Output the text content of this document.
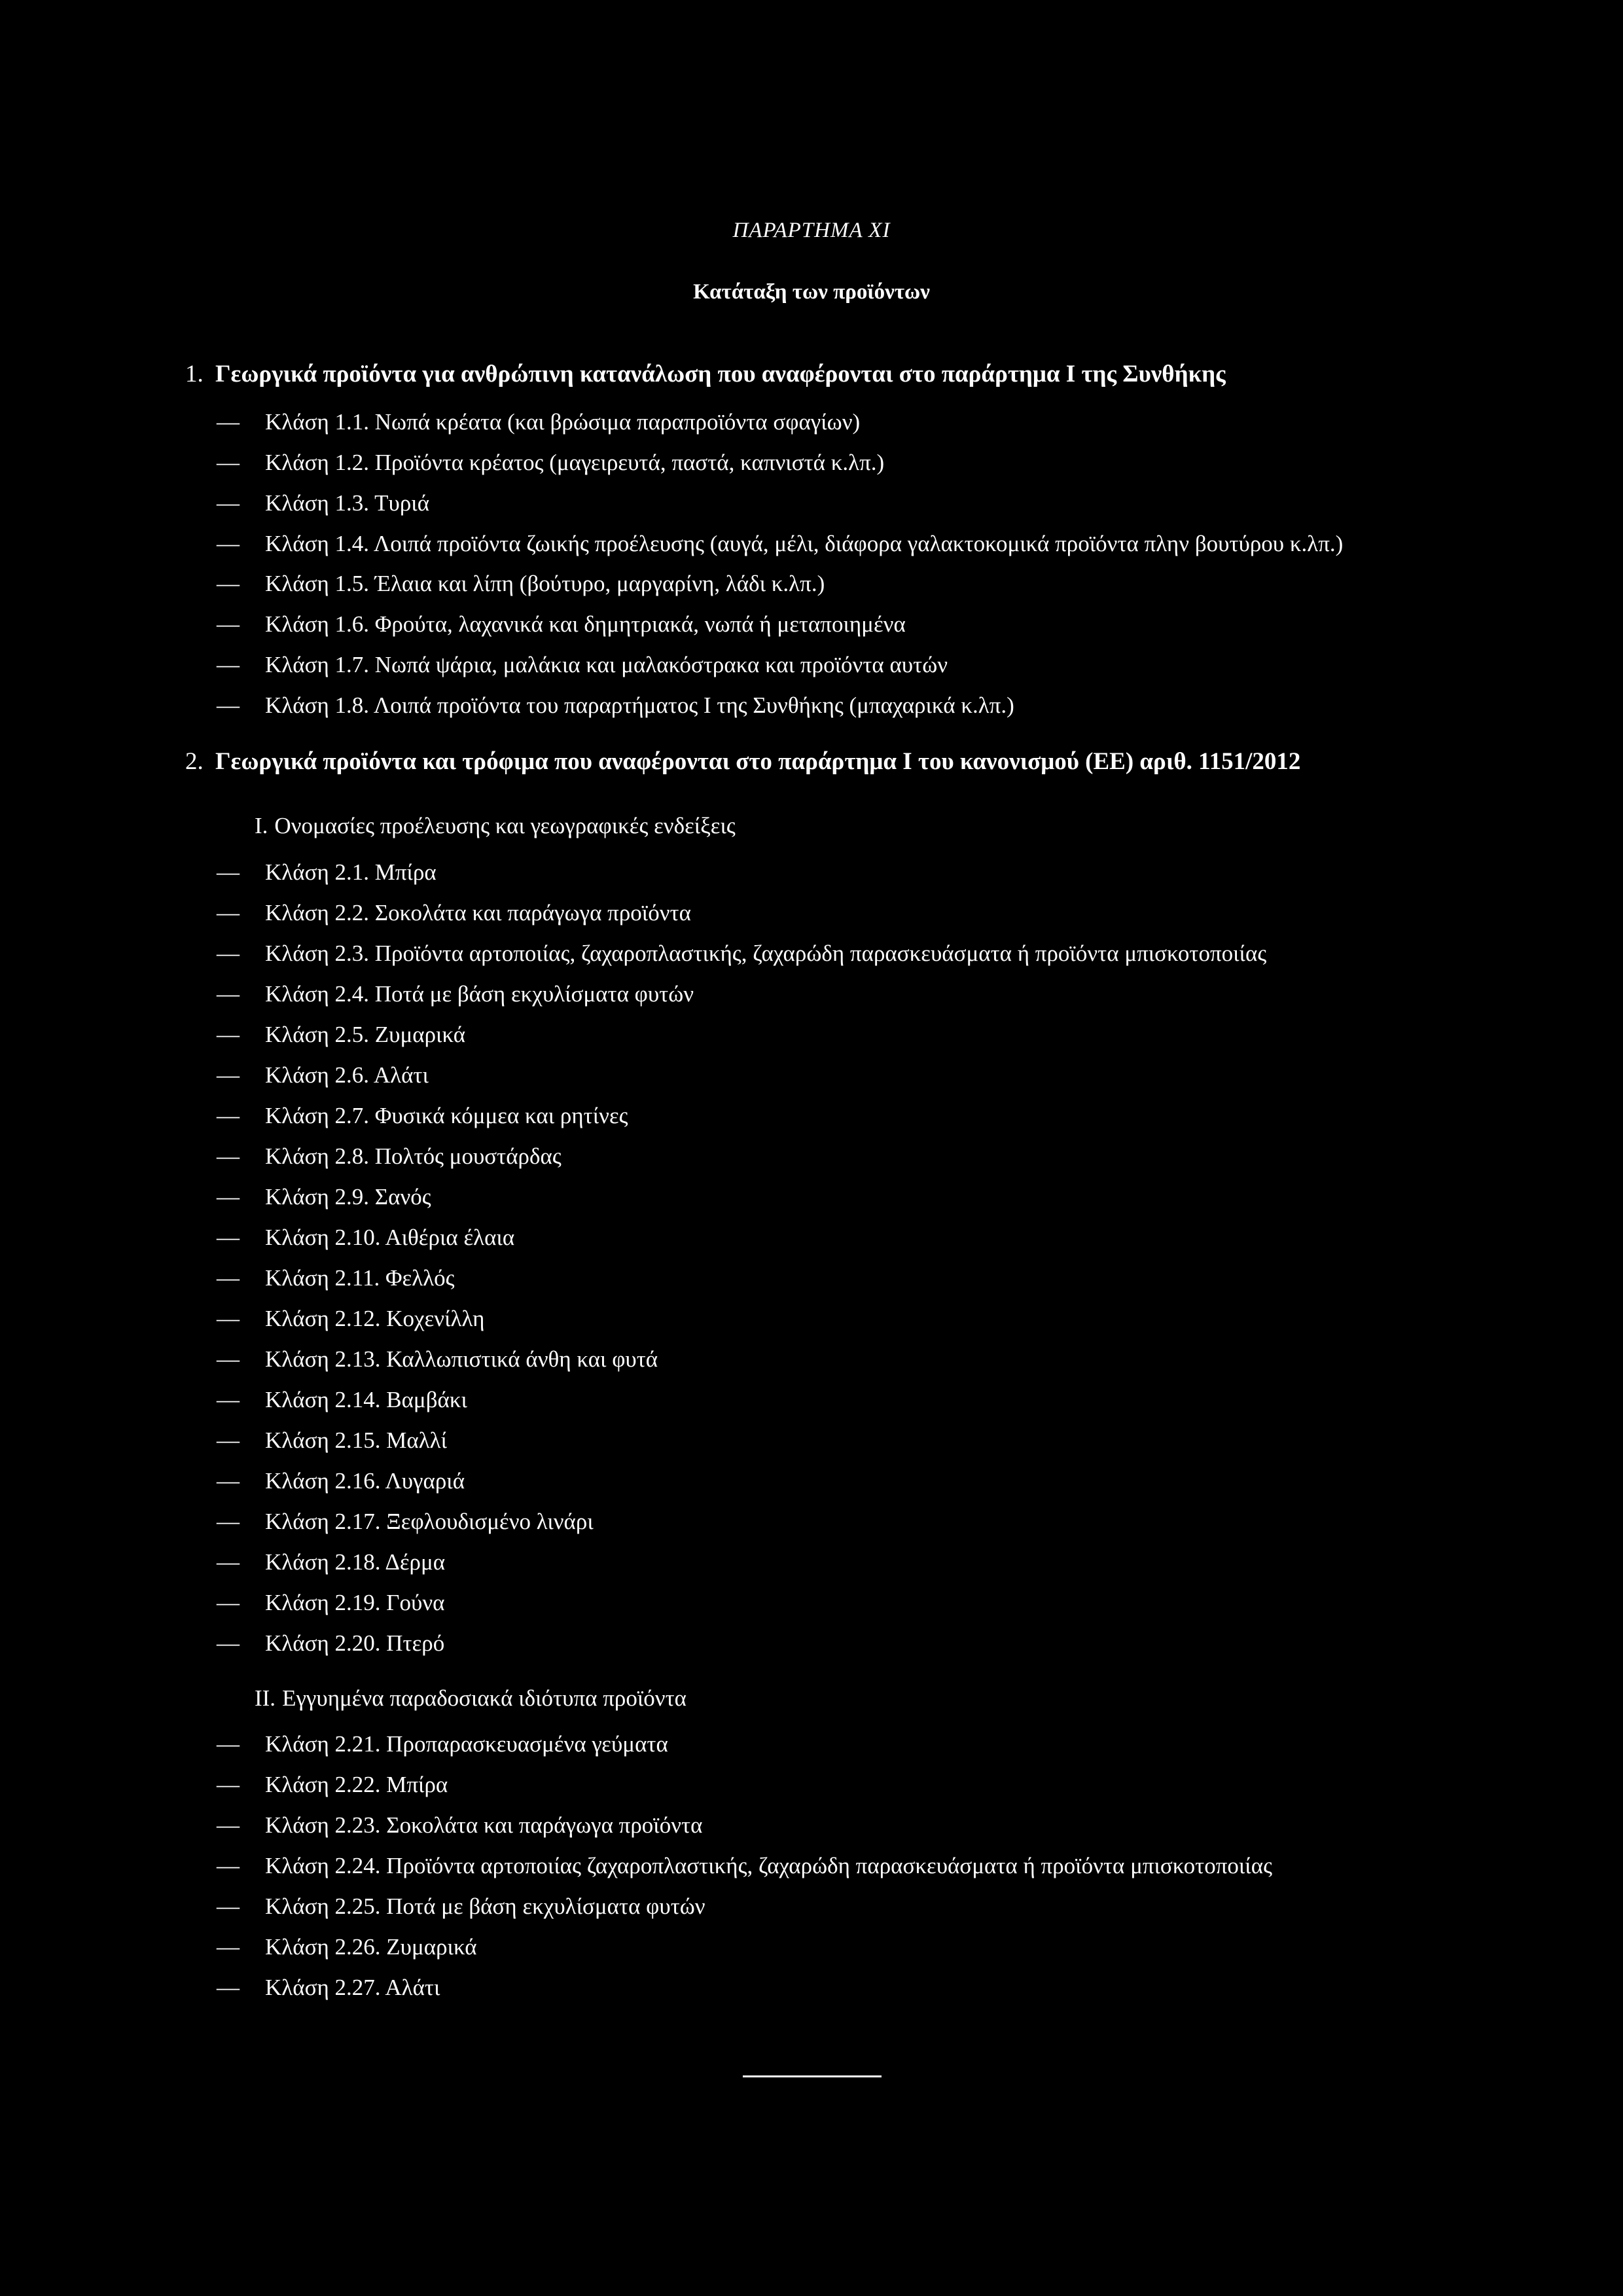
ΠΑΡΑΡΤΗΜΑ XI
Κατάταξη των προϊόντων
1. Γεωργικά προϊόντα για ανθρώπινη κατανάλωση που αναφέρονται στο παράρτημα I της Συνθήκης
— Κλάση 1.1. Νωπά κρέατα (και βρώσιμα παραπροϊόντα σφαγίων)
— Κλάση 1.2. Προϊόντα κρέατος (μαγειρευτά, παστά, καπνιστά κ.λπ.)
— Κλάση 1.3. Τυριά
— Κλάση 1.4. Λοιπά προϊόντα ζωικής προέλευσης (αυγά, μέλι, διάφορα γαλακτοκομικά προϊόντα πλην βουτύρου κ.λπ.)
— Κλάση 1.5. Έλαια και λίπη (βούτυρο, μαργαρίνη, λάδι κ.λπ.)
— Κλάση 1.6. Φρούτα, λαχανικά και δημητριακά, νωπά ή μεταποιημένα
— Κλάση 1.7. Νωπά ψάρια, μαλάκια και μαλακόστρακα και προϊόντα αυτών
— Κλάση 1.8. Λοιπά προϊόντα του παραρτήματος I της Συνθήκης (μπαχαρικά κ.λπ.)
2. Γεωργικά προϊόντα και τρόφιμα που αναφέρονται στο παράρτημα I του κανονισμού (ΕΕ) αριθ. 1151/2012
I. Ονομασίες προέλευσης και γεωγραφικές ενδείξεις
— Κλάση 2.1. Μπίρα
— Κλάση 2.2. Σοκολάτα και παράγωγα προϊόντα
— Κλάση 2.3. Προϊόντα αρτοποιίας, ζαχαροπλαστικής, ζαχαρώδη παρασκευάσματα ή προϊόντα μπισκοτοποιίας
— Κλάση 2.4. Ποτά με βάση εκχυλίσματα φυτών
— Κλάση 2.5. Ζυμαρικά
— Κλάση 2.6. Αλάτι
— Κλάση 2.7. Φυσικά κόμμεα και ρητίνες
— Κλάση 2.8. Πολτός μουστάρδας
— Κλάση 2.9. Σανός
— Κλάση 2.10. Αιθέρια έλαια
— Κλάση 2.11. Φελλός
— Κλάση 2.12. Κοχενίλλη
— Κλάση 2.13. Καλλωπιστικά άνθη και φυτά
— Κλάση 2.14. Βαμβάκι
— Κλάση 2.15. Μαλλί
— Κλάση 2.16. Λυγαριά
— Κλάση 2.17. Ξεφλουδισμένο λινάρι
— Κλάση 2.18. Δέρμα
— Κλάση 2.19. Γούνα
— Κλάση 2.20. Πτερό
II. Εγγυημένα παραδοσιακά ιδιότυπα προϊόντα
— Κλάση 2.21. Προπαρασκευασμένα γεύματα
— Κλάση 2.22. Μπίρα
— Κλάση 2.23. Σοκολάτα και παράγωγα προϊόντα
— Κλάση 2.24. Προϊόντα αρτοποιίας ζαχαροπλαστικής, ζαχαρώδη παρασκευάσματα ή προϊόντα μπισκοτοποιίας
— Κλάση 2.25. Ποτά με βάση εκχυλίσματα φυτών
— Κλάση 2.26. Ζυμαρικά
— Κλάση 2.27. Αλάτι
